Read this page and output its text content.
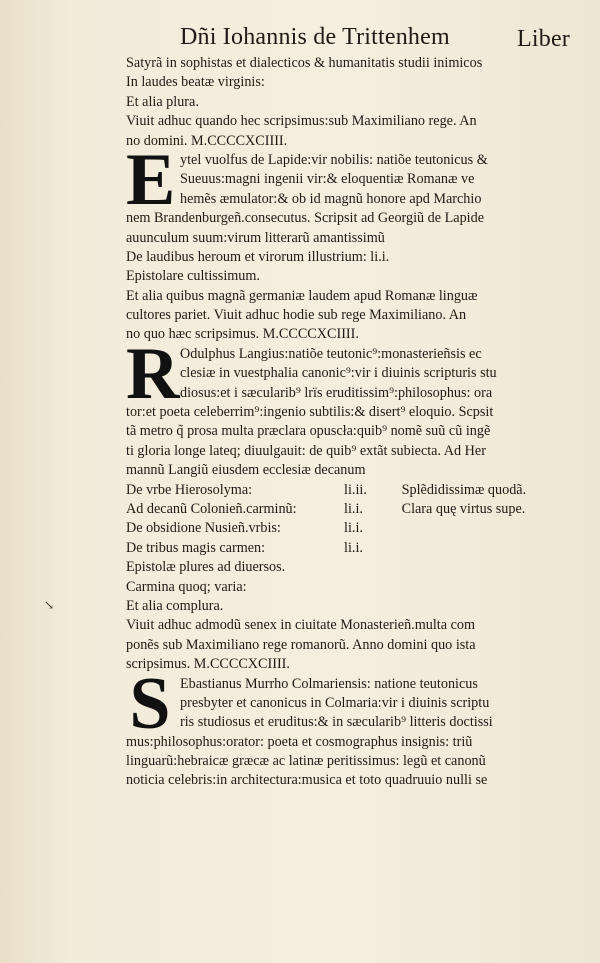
Dñi Iohannis de Trittenhem	Liber
↘
Satyrã in sophistas et dialecticos & humanitatis studii inimicos
In laudes beatæ virginis:
Et alia plura.
Viuit adhuc quando hec scripsimus:sub Maximiliano rege. An
no domini. M.CCCCXCIIII.
E ytel vuolfus de Lapide:vir nobilis: natiõe teutonicus &
Sueuus:magni ingenii vir:& eloquentiæ Romanæ ve
hemẽs æmulator:& ob id magnũ honore apd Marchio
nem Brandenburgeñ.consecutus. Scripsit ad Georgiũ de Lapide
auunculum suum:virum litterarũ amantissimũ
De laudibus heroum et virorum illustrium: li.i.
Epistolare cultissimum.
Et alia quibus magnã germaniæ laudem apud Romanæ linguæ
cultores pariet. Viuit adhuc hodie sub rege Maximiliano. An
no quo hæc scripsimus. M.CCCCXCIIII.
R Odulphus Langius:natiõe teutonic⁹:monasterieñsis ec
clesiæ in vuestphalia canonic⁹:vir i diuinis scripturis stu
diosus:et i sæcularib⁹ lrïs eruditissim⁹:philosophus: ora
tor:et poeta celeberrim⁹:ingenio subtilis:& disert⁹ eloquio. Scpsit
tã metro q̃ prosa multa præclara opuscła:quib⁹ nomẽ suũ cũ ingẽ
ti gloria longe lateq; diuulgauit: de quib⁹ extãt subiecta. Ad Her
mannũ Langiũ eiusdem ecclesiæ decanum
De vrbe Hierosolyma:	li.ii.	Splẽdidissimæ quodã.
Ad decanũ Colonieñ.carminũ:	li.i.	Clara quę virtus supe.
De obsidione Nusieñ.vrbis:	li.i.
De tribus magis carmen:	li.i.
Epistolæ plures ad diuersos.
Carmina quoq; varia:
Et alia complura.
Viuit adhuc admodũ senex in ciuitate Monasterieñ.multa com
ponẽs sub Maximiliano rege romanorũ. Anno domini quo ista
scripsimus. M.CCCCXCIIII.
S Ebastianus Murrho Colmariensis: natione teutonicus
presbyter et canonicus in Colmaria:vir i diuinis scriptu
ris studiosus et eruditus:& in sæcularib⁹ litteris doctissi
mus:philosophus:orator: poeta et cosmographus insignis: triũ
linguarũ:hebraicæ græcæ ac latinæ peritissimus: legũ et canonũ
noticia celebris:in architectura:musica et toto quadruuio nulli se
